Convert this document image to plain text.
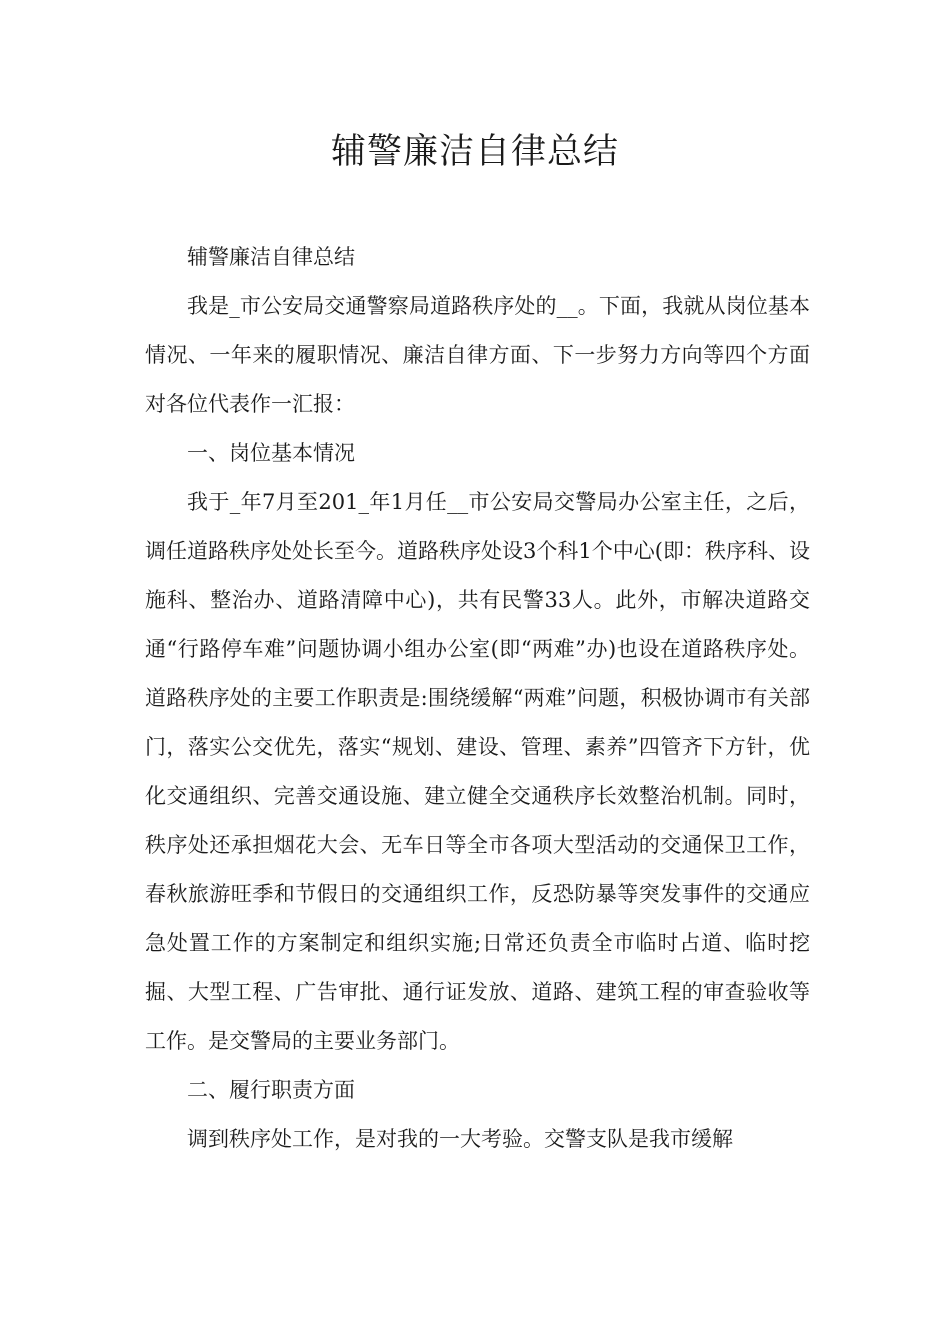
辅警廉洁自律总结

辅警廉洁自律总结

我是_市公安局交通警察局道路秩序处的__。下面，我就从岗位基本情况、一年来的履职情况、廉洁自律方面、下一步努力方向等四个方面对各位代表作一汇报：

一、岗位基本情况

我于_年7月至201_年1月任__市公安局交警局办公室主任，之后，调任道路秩序处处长至今。道路秩序处设3个科1个中心(即：秩序科、设施科、整治办、道路清障中心)，共有民警33人。此外，市解决道路交通“行路停车难”问题协调小组办公室(即“两难”办)也设在道路秩序处。道路秩序处的主要工作职责是:围绕缓解“两难”问题，积极协调市有关部门，落实公交优先，落实“规划、建设、管理、素养”四管齐下方针，优化交通组织、完善交通设施、建立健全交通秩序长效整治机制。同时，秩序处还承担烟花大会、无车日等全市各项大型活动的交通保卫工作，春秋旅游旺季和节假日的交通组织工作，反恐防暴等突发事件的交通应急处置工作的方案制定和组织实施;日常还负责全市临时占道、临时挖掘、大型工程、广告审批、通行证发放、道路、建筑工程的审查验收等工作。是交警局的主要业务部门。

二、履行职责方面

调到秩序处工作，是对我的一大考验。交警支队是我市缓解
